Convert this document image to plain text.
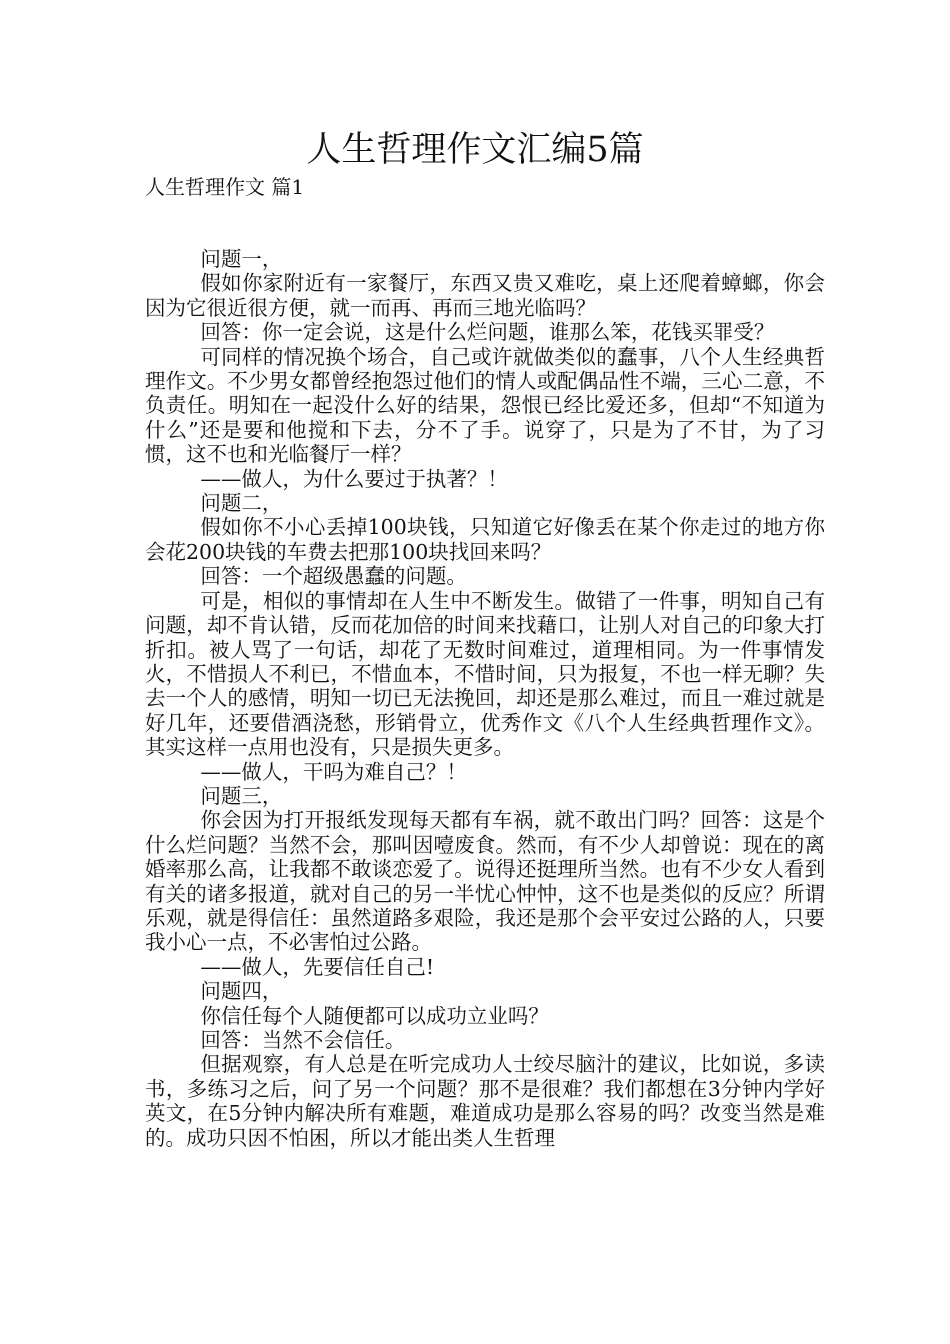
人生哲理作文汇编5篇
人生哲理作文 篇1

问题一，

假如你家附近有一家餐厅，东西又贵又难吃，桌上还爬着蟑螂，你会因为它很近很方便，就一而再、再而三地光临吗？

回答：你一定会说，这是什么烂问题，谁那么笨，花钱买罪受？

可同样的情况换个场合，自己或许就做类似的蠢事，八个人生经典哲理作文。不少男女都曾经抱怨过他们的情人或配偶品性不端，三心二意，不负责任。明知在一起没什么好的结果，怨恨已经比爱还多，但却“不知道为什么”还是要和他搅和下去，分不了手。说穿了，只是为了不甘，为了习惯，这不也和光临餐厅一样？

——做人，为什么要过于执著？！

问题二，

假如你不小心丢掉100块钱，只知道它好像丢在某个你走过的地方你会花200块钱的车费去把那100块找回来吗？

回答：一个超级愚蠢的问题。

可是，相似的事情却在人生中不断发生。做错了一件事，明知自己有问题，却不肯认错，反而花加倍的时间来找藉口，让别人对自己的印象大打折扣。被人骂了一句话，却花了无数时间难过，道理相同。为一件事情发火，不惜损人不利已，不惜血本，不惜时间，只为报复，不也一样无聊？失去一个人的感情，明知一切已无法挽回，却还是那么难过，而且一难过就是好几年，还要借酒浇愁，形销骨立，优秀作文《八个人生经典哲理作文》。其实这样一点用也没有，只是损失更多。

——做人，干吗为难自己？！

问题三，

你会因为打开报纸发现每天都有车祸，就不敢出门吗？回答：这是个什么烂问题？当然不会，那叫因噎废食。然而，有不少人却曾说：现在的离婚率那么高，让我都不敢谈恋爱了。说得还挺理所当然。也有不少女人看到有关的诸多报道，就对自己的另一半忧心忡忡，这不也是类似的反应？所谓乐观，就是得信任：虽然道路多艰险，我还是那个会平安过公路的人，只要我小心一点，不必害怕过公路。

——做人，先要信任自己!

问题四，

你信任每个人随便都可以成功立业吗？

回答：当然不会信任。

但据观察，有人总是在听完成功人士绞尽脑汁的建议，比如说，多读书，多练习之后，问了另一个问题？那不是很难？我们都想在3分钟内学好英文，在5分钟内解决所有难题，难道成功是那么容易的吗？改变当然是难的。成功只因不怕困，所以才能出类人生哲理
